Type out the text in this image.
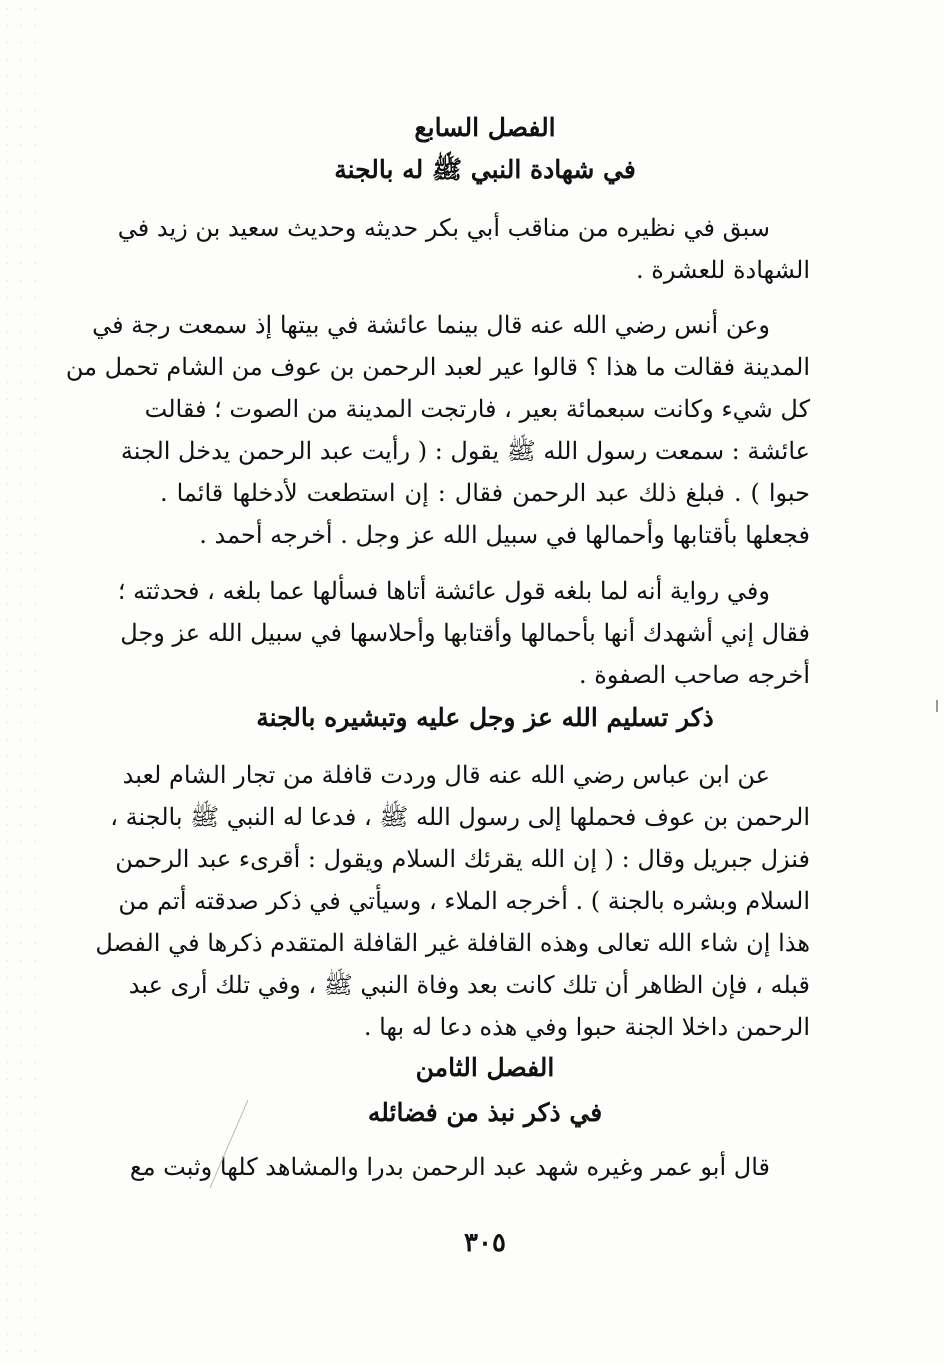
الفصل السابع
في شهادة النبي ﷺ له بالجنة
سبق في نظيره من مناقب أبي بكر حديثه وحديث سعيد بن زيد في
الشهادة للعشرة .
وعن أنس رضي الله عنه قال بينما عائشة في بيتها إذ سمعت رجة في
المدينة فقالت ما هذا ؟ قالوا عير لعبد الرحمن بن عوف من الشام تحمل من
كل شيء وكانت سبعمائة بعير ، فارتجت المدينة من الصوت ؛ فقالت
عائشة : سمعت رسول الله ﷺ يقول : ( رأيت عبد الرحمن يدخل الجنة
حبوا ) . فبلغ ذلك عبد الرحمن فقال : إن استطعت لأدخلها قائما .
فجعلها بأقتابها وأحمالها في سبيل الله عز وجل . أخرجه أحمد .
وفي رواية أنه لما بلغه قول عائشة أتاها فسألها عما بلغه ، فحدثته ؛
فقال إني أشهدك أنها بأحمالها وأقتابها وأحلاسها في سبيل الله عز وجل
أخرجه صاحب الصفوة .
ذكر تسليم الله عز وجل عليه وتبشيره بالجنة
عن ابن عباس رضي الله عنه قال وردت قافلة من تجار الشام لعبد
الرحمن بن عوف فحملها إلى رسول الله ﷺ ، فدعا له النبي ﷺ بالجنة ،
فنزل جبريل وقال : ( إن الله يقرئك السلام ويقول : أقرىء عبد الرحمن
السلام وبشره بالجنة ) . أخرجه الملاء ، وسيأتي في ذكر صدقته أتم من
هذا إن شاء الله تعالى وهذه القافلة غير القافلة المتقدم ذكرها في الفصل
قبله ، فإن الظاهر أن تلك كانت بعد وفاة النبي ﷺ ، وفي تلك أرى عبد
الرحمن داخلا الجنة حبوا وفي هذه دعا له بها .
الفصل الثامن
في ذكر نبذ من فضائله
قال أبو عمر وغيره شهد عبد الرحمن بدرا والمشاهد كلها وثبت مع
٣٠٥
